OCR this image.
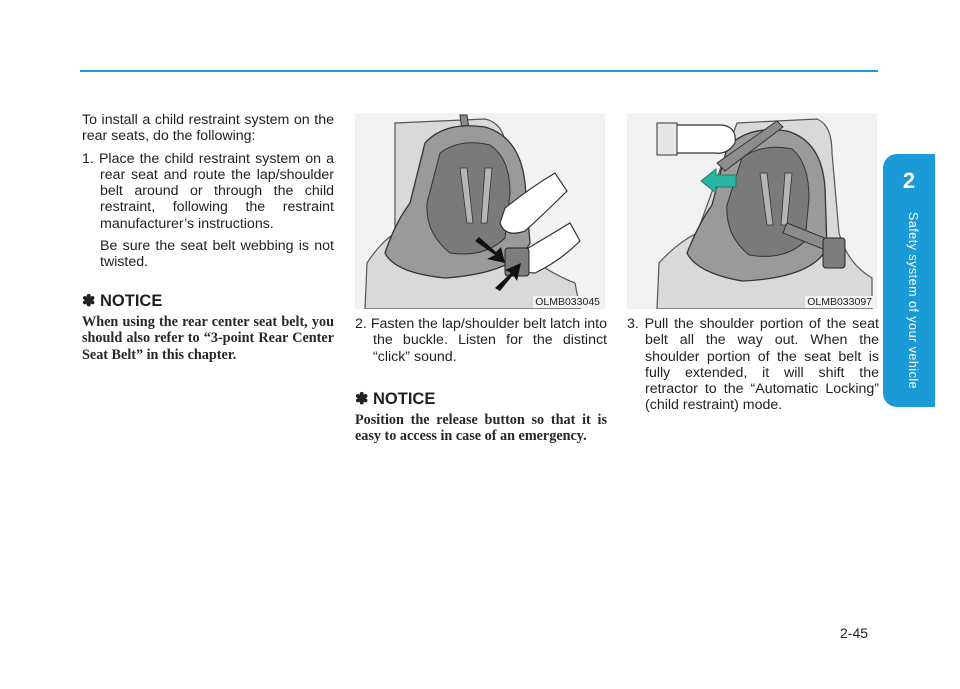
To install a child restraint system on the rear seats, do the following:

1. Place the child restraint system on a rear seat and route the lap/shoulder belt around or through the child restraint, following the restraint manufacturer’s instructions.

Be sure the seat belt webbing is not twisted.

✽ NOTICE

When using the rear center seat belt, you should also refer to “3-point Rear Center Seat Belt” in this chapter.

OLMB033045	OLMB033097

2. Fasten the lap/shoulder belt latch into the buckle. Listen for the distinct “click” sound.

✽ NOTICE

Position the release button so that it is easy to access in case of an emergency.

3. Pull the shoulder portion of the seat belt all the way out. When the shoulder portion of the seat belt is fully extended, it will shift the retractor to the “Automatic Locking” (child restraint) mode.

2
Safety system of your vehicle
2-45
